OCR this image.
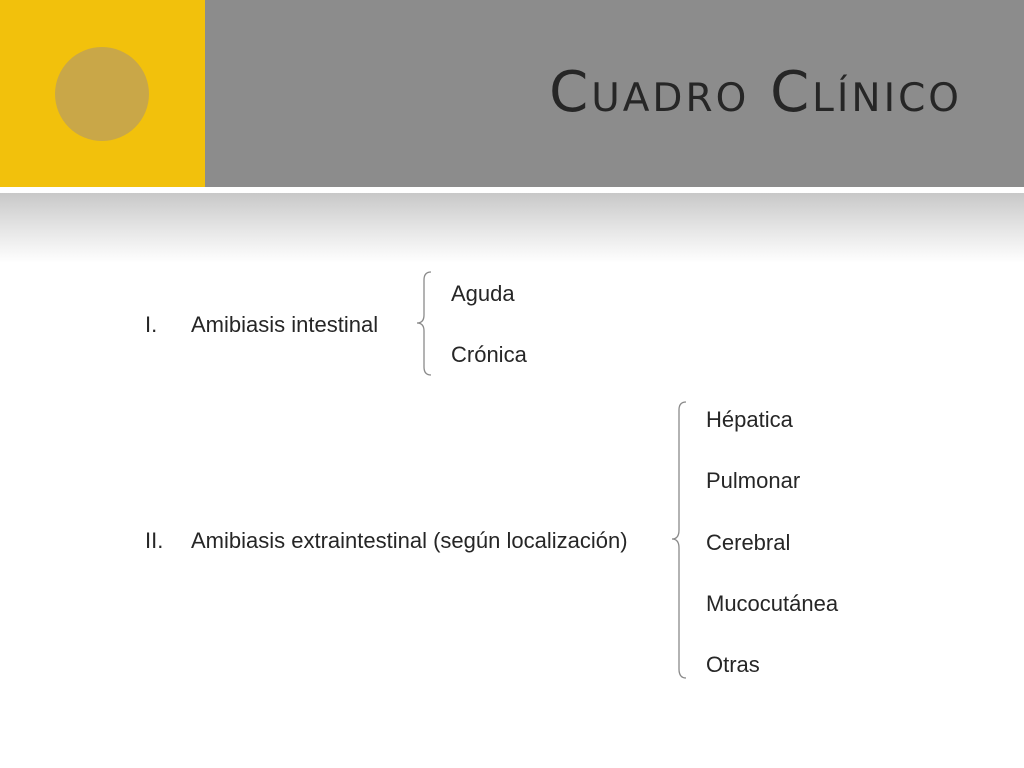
Cuadro Clínico
I. Amibiasis intestinal
Aguda
Crónica
II. Amibiasis extraintestinal (según localización)
Hépatica
Pulmonar
Cerebral
Mucocutánea
Otras
